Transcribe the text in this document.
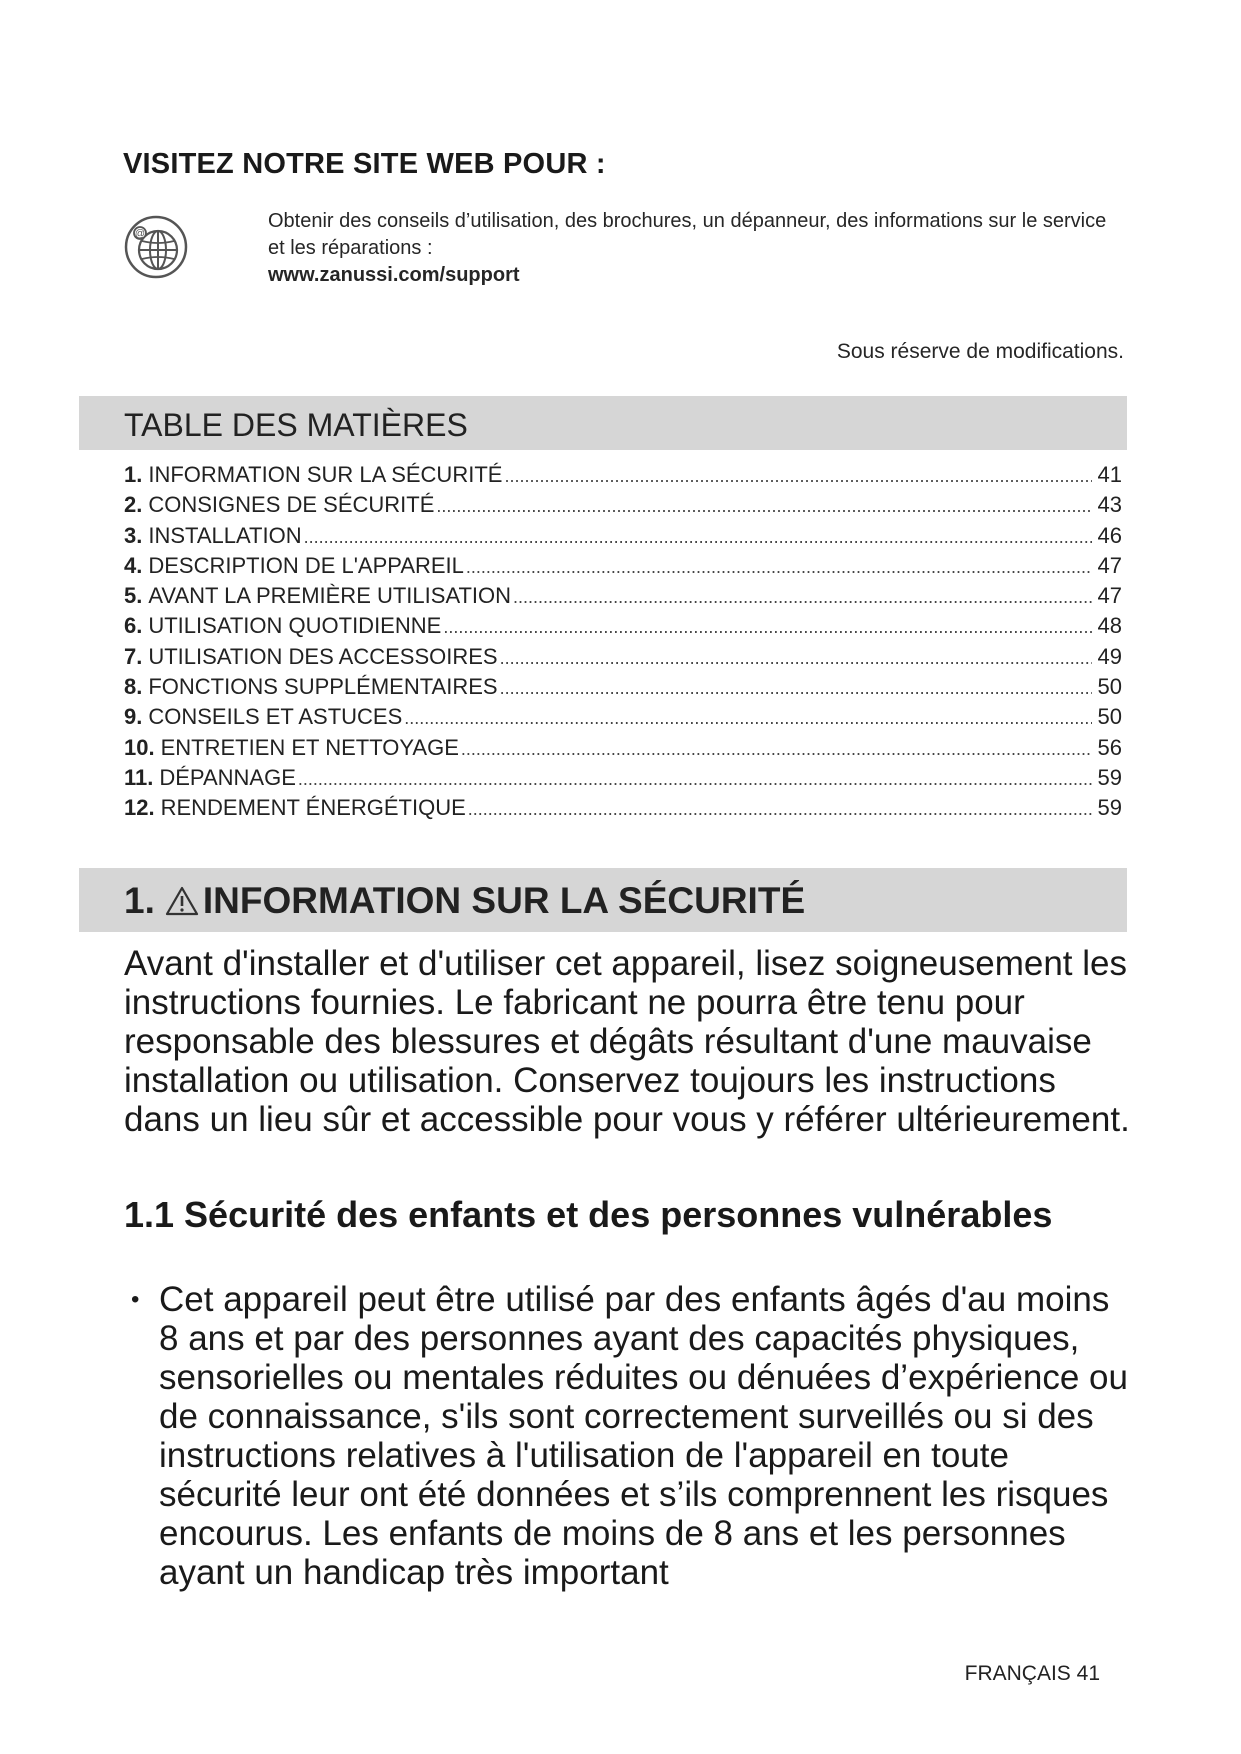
VISITEZ NOTRE SITE WEB POUR :
@
Obtenir des conseils d’utilisation, des brochures, un dépanneur, des informations sur le service et les réparations :
www.zanussi.com/support
Sous réserve de modifications.
TABLE DES MATIÈRES
1. INFORMATION SUR LA SÉCURITÉ .....	41
2. CONSIGNES DE SÉCURITÉ .....	43
3. INSTALLATION .....	46
4. DESCRIPTION DE L'APPAREIL .....	47
5. AVANT LA PREMIÈRE UTILISATION .....	47
6. UTILISATION QUOTIDIENNE .....	48
7. UTILISATION DES ACCESSOIRES .....	49
8. FONCTIONS SUPPLÉMENTAIRES .....	50
9. CONSEILS ET ASTUCES .....	50
10. ENTRETIEN ET NETTOYAGE .....	56
11. DÉPANNAGE .....	59
12. RENDEMENT ÉNERGÉTIQUE .....	59
1. INFORMATION SUR LA SÉCURITÉ

Avant d'installer et d'utiliser cet appareil, lisez soigneusement les instructions fournies. Le fabricant ne pourra être tenu pour responsable des blessures et dégâts résultant d'une mauvaise installation ou utilisation. Conservez toujours les instructions dans un lieu sûr et accessible pour vous y référer ultérieurement.

1.1 Sécurité des enfants et des personnes vulnérables

• Cet appareil peut être utilisé par des enfants âgés d'au moins 8 ans et par des personnes ayant des capacités physiques, sensorielles ou mentales réduites ou dénuées d’expérience ou de connaissance, s'ils sont correctement surveillés ou si des instructions relatives à l'utilisation de l'appareil en toute sécurité leur ont été données et s’ils comprennent les risques encourus. Les enfants de moins de 8 ans et les personnes ayant un handicap très important

FRANÇAIS 41
